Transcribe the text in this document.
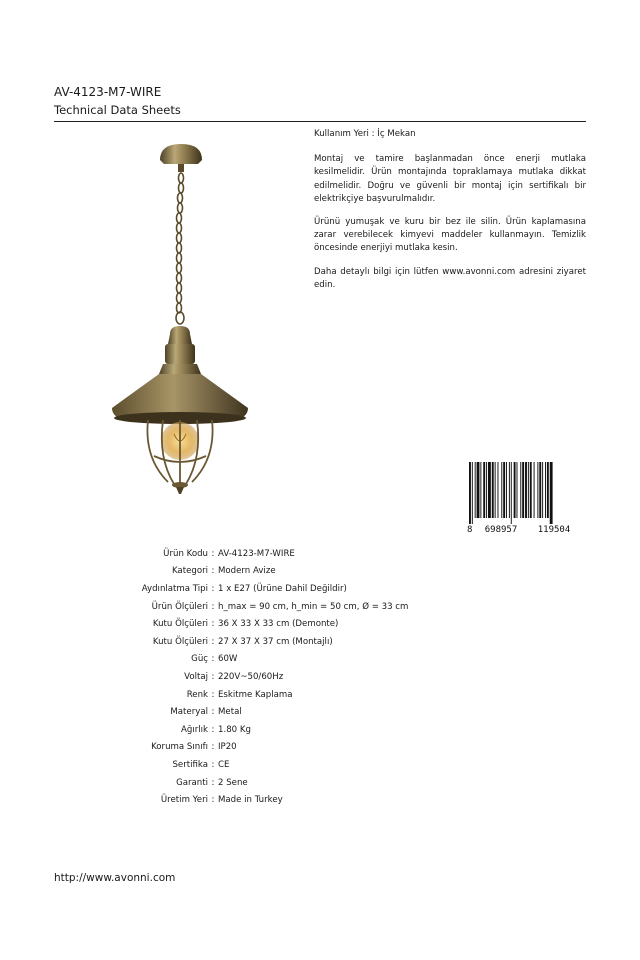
AV-4123-M7-WIRE
Technical Data Sheets

Kullanım Yeri : İç Mekan

Montaj ve tamire başlanmadan önce enerji mutlaka kesilmelidir. Ürün montajında topraklamaya mutlaka dikkat edilmelidir. Doğru ve güvenli bir montaj için sertifikalı bir elektrikçiye başvurulmalıdır.

Ürünü yumuşak ve kuru bir bez ile silin. Ürün kaplamasına zarar verebilecek kimyevi maddeler kullanmayın. Temizlik öncesinde enerjiyi mutlaka kesin.

Daha detaylı bilgi için lütfen www.avonni.com adresini ziyaret edin.

8 698957 119504
Ürün Kodu : AV-4123-M7-WIRE
Kategori : Modern Avize
Aydınlatma Tipi : 1 x E27 (Ürüne Dahil Değildir)
Ürün Ölçüleri : h_max = 90 cm, h_min = 50 cm, Ø = 33 cm
Kutu Ölçüleri : 36 X 33 X 33 cm (Demonte)
Kutu Ölçüleri : 27 X 37 X 37 cm (Montajlı)
Güç : 60W
Voltaj : 220V~50/60Hz
Renk : Eskitme Kaplama
Materyal : Metal
Ağırlık : 1.80 Kg
Koruma Sınıfı : IP20
Sertifika : CE
Garanti : 2 Sene
Üretim Yeri : Made in Turkey
http://www.avonni.com
